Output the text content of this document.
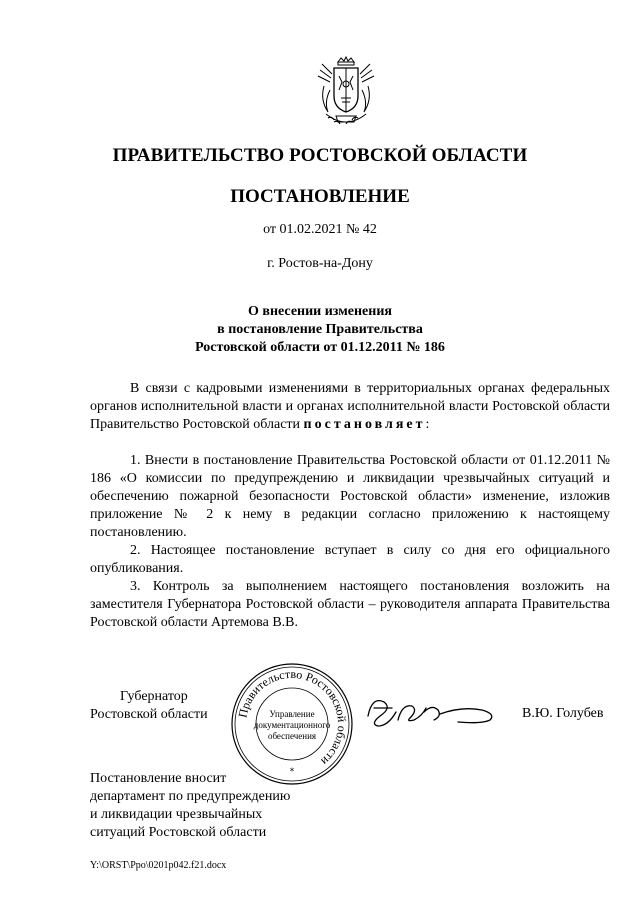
ПРАВИТЕЛЬСТВО РОСТОВСКОЙ ОБЛАСТИ
ПОСТАНОВЛЕНИЕ
от 01.02.2021 № 42
г. Ростов-на-Дону
О внесении изменения
в постановление Правительства
Ростовской области от 01.12.2011 № 186

В связи с кадровыми изменениями в территориальных органах федеральных органов исполнительной власти и органах исполнительной власти Ростовской области Правительство Ростовской области постановляет:

1. Внести в постановление Правительства Ростовской области от 01.12.2011 № 186 «О комиссии по предупреждению и ликвидации чрезвычайных ситуаций и обеспечению пожарной безопасности Ростовской области» изменение, изложив приложение № 2 к нему в редакции согласно приложению к настоящему постановлению.

2. Настоящее постановление вступает в силу со дня его официального опубликования.

3. Контроль за выполнением настоящего постановления возложить на заместителя Губернатора Ростовской области – руководителя аппарата Правительства Ростовской области Артемова В.В.

Губернатор
Ростовской области Правительство Ростовской области
Управление
документационного
обеспечения
*
В.Ю. Голубев
Постановление вносит
департамент по предупреждению
и ликвидации чрезвычайных
ситуаций Ростовской области
Y:\ORST\Ppo\0201p042.f21.docx
